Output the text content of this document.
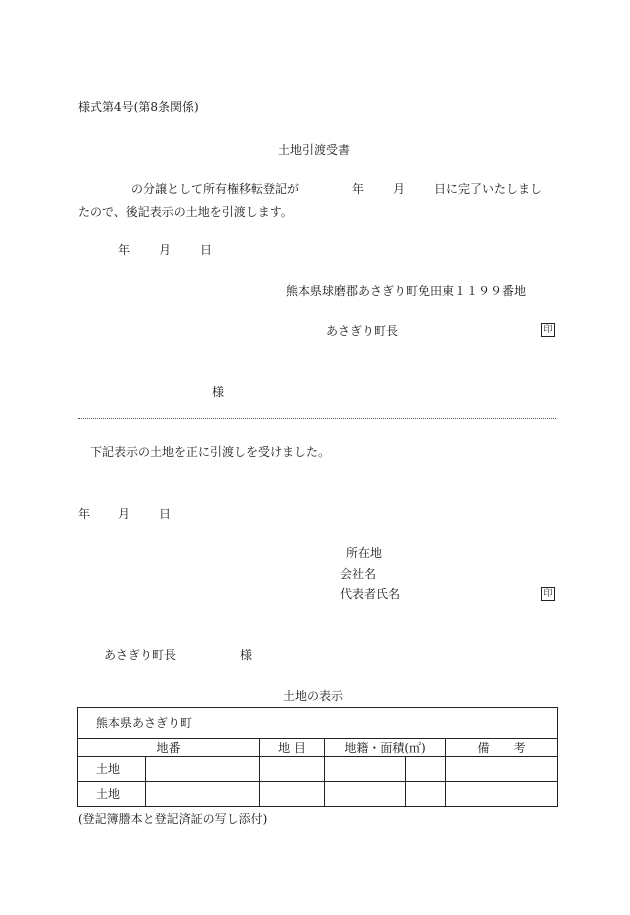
様式第4号(第8条関係)
土地引渡受書
の分譲として所有権移転登記が	年 月 日に完了いたしまし
たので、後記表示の土地を引渡します。
年 月 日
熊本県球磨郡あさぎり町免田東１１９９番地
あさぎり町長	印
様
下記表示の土地を正に引渡しを受けました。
年 月 日
所在地
会社名
代表者氏名	印
あさぎり町長	様
土地の表示
熊本県あさぎり町					
地番		地 目	地籍・面積(㎡)		備　　考
土地					
土地					
(登記簿謄本と登記済証の写し添付)
